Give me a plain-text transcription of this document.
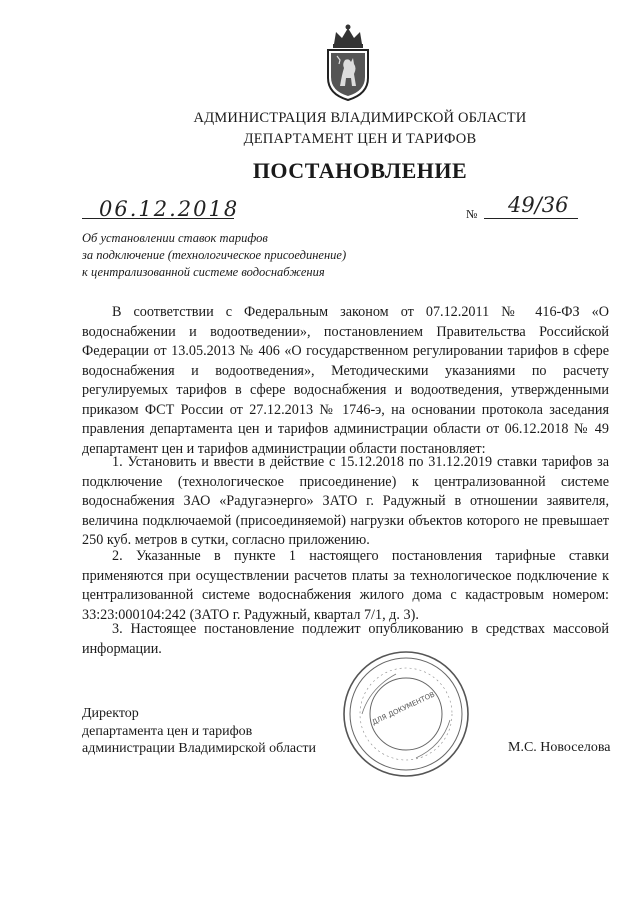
АДМИНИСТРАЦИЯ ВЛАДИМИРСКОЙ ОБЛАСТИ
ДЕПАРТАМЕНТ ЦЕН И ТАРИФОВ
ПОСТАНОВЛЕНИЕ
06.12.2018	№ 49/36
Об установлении ставок тарифов
за подключение (технологическое присоединение)
к централизованной системе водоснабжения

В соответствии с Федеральным законом от 07.12.2011 № 416-ФЗ «О водоснабжении и водоотведении», постановлением Правительства Российской Федерации от 13.05.2013 № 406 «О государственном регулировании тарифов в сфере водоснабжения и водоотведения», Методическими указаниями по расчету регулируемых тарифов в сфере водоснабжения и водоотведения, утвержденными приказом ФСТ России от 27.12.2013 № 1746-э, на основании протокола заседания правления департамента цен и тарифов администрации области от 06.12.2018 № 49 департамент цен и тарифов администрации области постановляет:

1. Установить и ввести в действие с 15.12.2018 по 31.12.2019 ставки тарифов за подключение (технологическое присоединение) к централизованной системе водоснабжения ЗАО «Радугаэнерго» ЗАТО г. Радужный в отношении заявителя, величина подключаемой (присоединяемой) нагрузки объектов которого не превышает 250 куб. метров в сутки, согласно приложению.

2. Указанные в пункте 1 настоящего постановления тарифные ставки применяются при осуществлении расчетов платы за технологическое подключение к централизованной системе водоснабжения жилого дома с кадастровым номером: 33:23:000104:242 (ЗАТО г. Радужный, квартал 7/1, д. 3).

3. Настоящее постановление подлежит опубликованию в средствах массовой информации.

ДЛЯ ДОКУМЕНТОВ
Директор
департамента цен и тарифов
администрации Владимирской области	М.С. Новоселова
